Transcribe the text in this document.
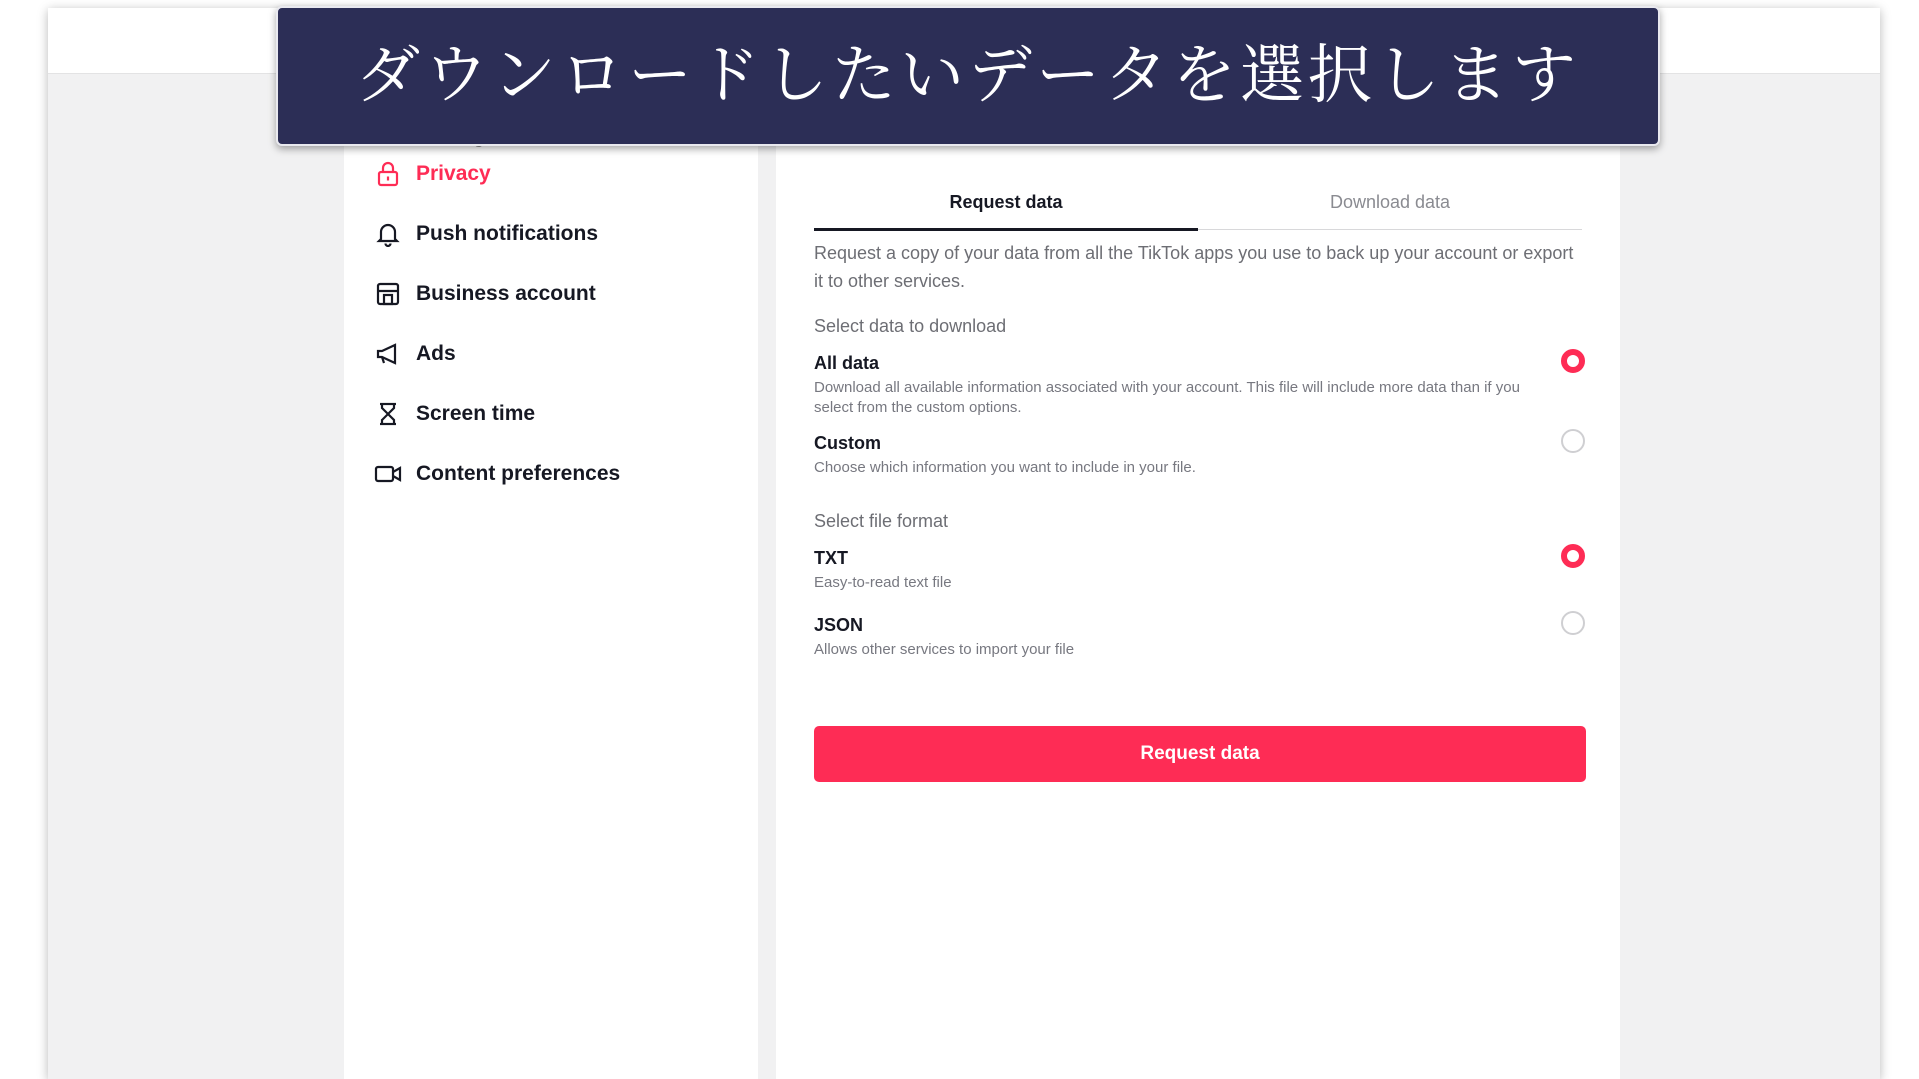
Privacy
Push notifications
Business account
Ads
Screen time
Content preferences
Request data	Download data
Request a copy of your data from all the TikTok apps you use to back up your account or export it to other services.
Select data to download
All data
Download all available information associated with your account. This file will include more data than if you select from the custom options.
Custom
Choose which information you want to include in your file.
Select file format
TXT
Easy-to-read text file
JSON
Allows other services to import your file
Request data
ダウンロードしたいデータを選択します
